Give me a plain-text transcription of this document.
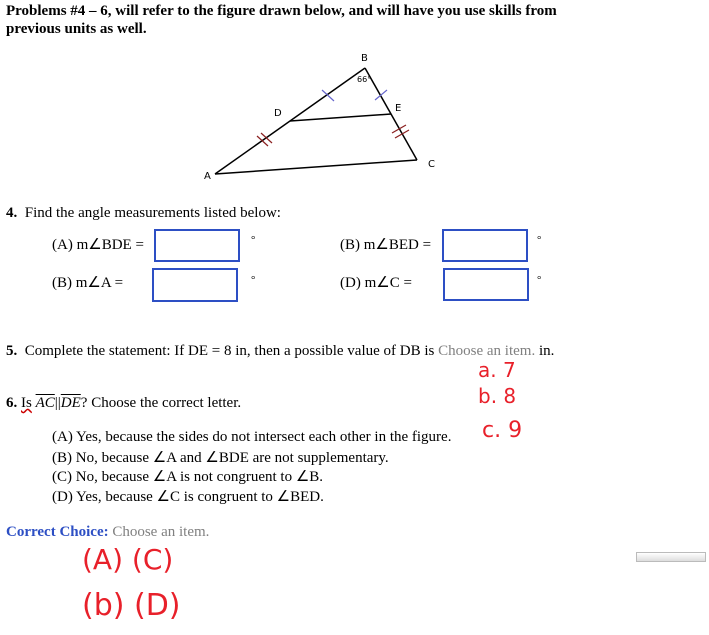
Problems #4 – 6, will refer to the figure drawn below, and will have you use skills from
previous units as well.
B
D	E
C
A
66°
4. Find the angle measurements listed below:
(A) m∠BDE =	°	(B) m∠BED =	°
(B) m∠A =	°	(D) m∠C =	°
5. Complete the statement: If DE = 8 in, then a possible value of DB is Choose an item. in.
6. Is $\overline{AC}||\overline{DE}$? Choose the correct letter.
(A) Yes, because the sides do not intersect each other in the figure.
(B) No, because ∠A and ∠BDE are not supplementary.
(C) No, because ∠A is not congruent to ∠B.
(D) Yes, because ∠C is congruent to ∠BED.
Correct Choice: Choose an item.
a. 7
b. 8
c. 9
(A) (C)
(b) (D)
